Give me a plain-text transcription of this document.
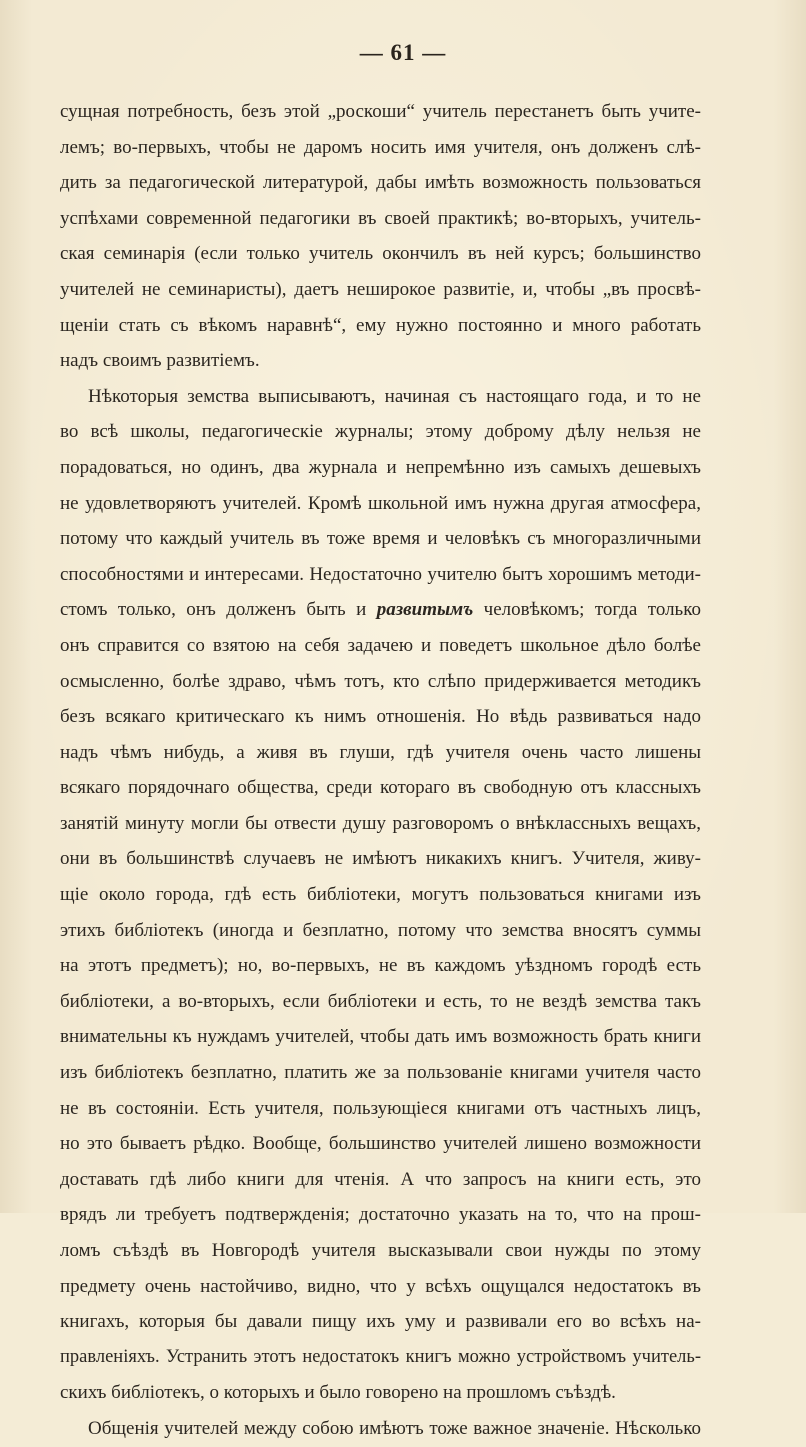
— 61 —
сущная потребность, безъ этой „роскоши“ учитель перестанетъ быть учите-
лемъ; во-первыхъ, чтобы не даромъ носить имя учителя, онъ долженъ слѣ-
дить за педагогической литературой, дабы имѣть возможность пользоваться
успѣхами современной педагогики въ своей практикѣ; во-вторыхъ, учитель-
ская семинарія (если только учитель окончилъ въ ней курсъ; большинство
учителей не семинаристы), даетъ неширокое развитіе, и, чтобы „въ просвѣ-
щеніи стать съ вѣкомъ наравнѣ“, ему нужно постоянно и много работать
надъ своимъ развитіемъ.
Нѣкоторыя земства выписываютъ, начиная съ настоящаго года, и то не
во всѣ школы, педагогическіе журналы; этому доброму дѣлу нельзя не
порадоваться, но одинъ, два журнала и непремѣнно изъ самыхъ дешевыхъ
не удовлетворяютъ учителей. Кромѣ школьной имъ нужна другая атмосфера,
потому что каждый учитель въ тоже время и человѣкъ съ многоразличными
способностями и интересами. Недостаточно учителю бытъ хорошимъ методи-
стомъ только, онъ долженъ быть и развитымъ человѣкомъ; тогда только
онъ справится со взятою на себя задачею и поведетъ школьное дѣло болѣе
осмысленно, болѣе здраво, чѣмъ тотъ, кто слѣпо придерживается методикъ
безъ всякаго критическаго къ нимъ отношенія. Но вѣдь развиваться надо
надъ чѣмъ нибудь, а живя въ глуши, гдѣ учителя очень часто лишены
всякаго порядочнаго общества, среди котораго въ свободную отъ классныхъ
занятій минуту могли бы отвести душу разговоромъ о внѣклассныхъ вещахъ,
они въ большинствѣ случаевъ не имѣютъ никакихъ книгъ. Учителя, живу-
щіе около города, гдѣ есть библіотеки, могутъ пользоваться книгами изъ
этихъ библіотекъ (иногда и безплатно, потому что земства вносятъ суммы
на этотъ предметъ); но, во-первыхъ, не въ каждомъ уѣздномъ городѣ есть
библіотеки, а во-вторыхъ, если библіотеки и есть, то не вездѣ земства такъ
внимательны къ нуждамъ учителей, чтобы дать имъ возможность брать книги
изъ библіотекъ безплатно, платить же за пользованіе книгами учителя часто
не въ состояніи. Есть учителя, пользующіеся книгами отъ частныхъ лицъ,
но это бываетъ рѣдко. Вообще, большинство учителей лишено возможности
доставать гдѣ либо книги для чтенія. А что запросъ на книги есть, это
врядъ ли требуетъ подтвержденія; достаточно указать на то, что на прош-
ломъ съѣздѣ въ Новгородѣ учителя высказывали свои нужды по этому
предмету очень настойчиво, видно, что у всѣхъ ощущался недостатокъ въ
книгахъ, которыя бы давали пищу ихъ уму и развивали его во всѣхъ на-
правленіяхъ. Устранить этотъ недостатокъ книгъ можно устройствомъ учитель-
скихъ библіотекъ, о которыхъ и было говорено на прошломъ съѣздѣ.
Общенія учителей между собою имѣютъ тоже важное значеніе. Нѣсколько
